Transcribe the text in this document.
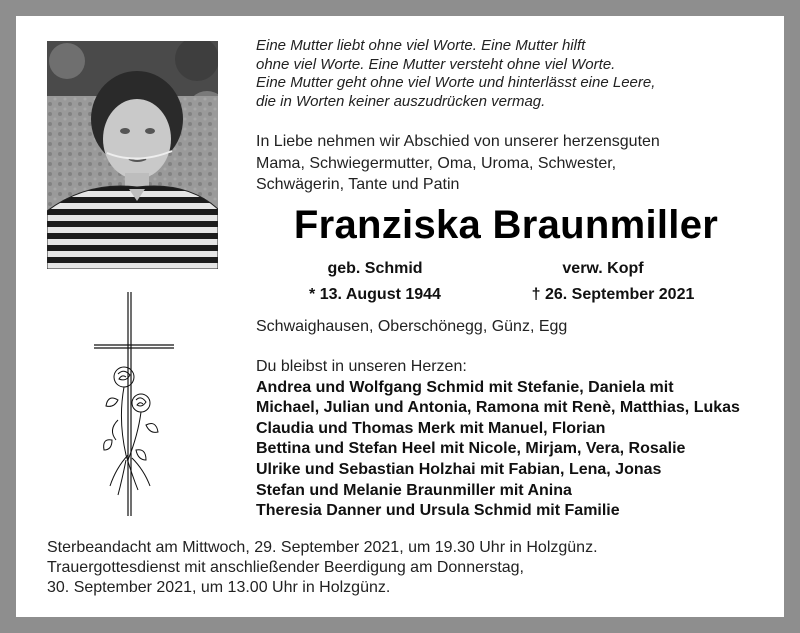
Eine Mutter liebt ohne viel Worte. Eine Mutter hilft
ohne viel Worte. Eine Mutter versteht ohne viel Worte.
Eine Mutter geht ohne viel Worte und hinterlässt eine Leere,
die in Worten keiner auszudrücken vermag.
In Liebe nehmen wir Abschied von unserer herzensguten
Mama, Schwiegermutter, Oma, Uroma, Schwester,
Schwägerin, Tante und Patin
Franziska Braunmiller
geb. Schmid	verw. Kopf
* 13. August 1944	† 26. September 2021
Schwaighausen, Oberschönegg, Günz, Egg
Du bleibst in unseren Herzen:
Andrea und Wolfgang Schmid mit Stefanie, Daniela mit
Michael, Julian und Antonia, Ramona mit Renè, Matthias, Lukas
Claudia und Thomas Merk mit Manuel, Florian
Bettina und Stefan Heel mit Nicole, Mirjam, Vera, Rosalie
Ulrike und Sebastian Holzhai mit Fabian, Lena, Jonas
Stefan und Melanie Braunmiller mit Anina
Theresia Danner und Ursula Schmid mit Familie
Sterbeandacht am Mittwoch, 29. September 2021, um 19.30 Uhr in Holzgünz.
Trauergottesdienst mit anschließender Beerdigung am Donnerstag,
30. September 2021, um 13.00 Uhr in Holzgünz.
